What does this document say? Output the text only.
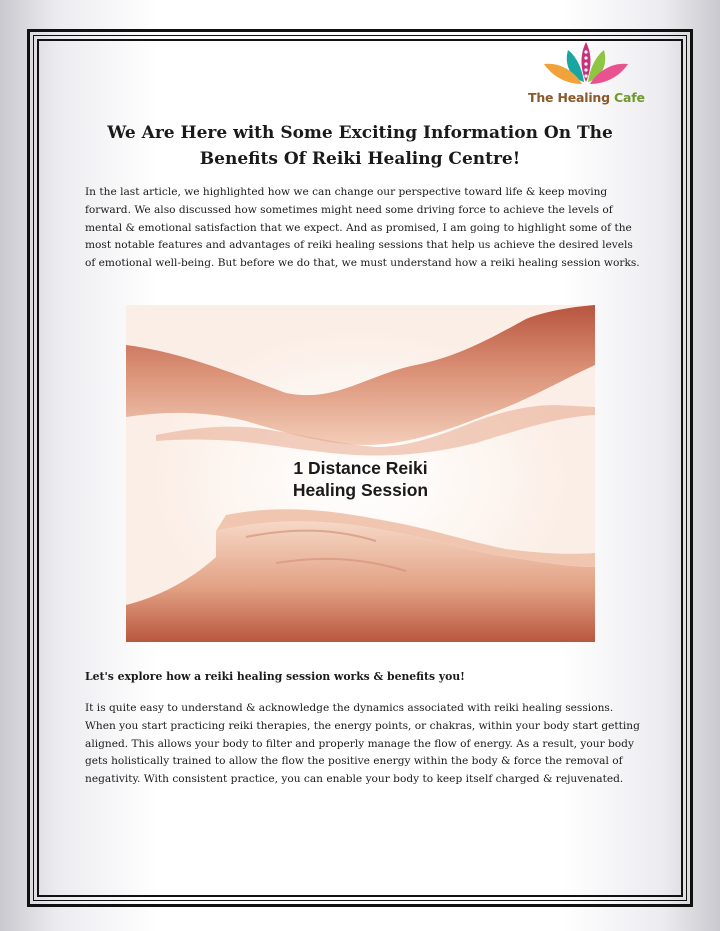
The Healing Cafe
We Are Here with Some Exciting Information On The Benefits Of Reiki Healing Centre!

In the last article, we highlighted how we can change our perspective toward life & keep moving forward. We also discussed how sometimes might need some driving force to achieve the levels of mental & emotional satisfaction that we expect. And as promised, I am going to highlight some of the most notable features and advantages of reiki healing sessions that help us achieve the desired levels of emotional well-being. But before we do that, we must understand how a reiki healing session works.

1 Distance Reiki
Healing Session
Let's explore how a reiki healing session works & benefits you!

It is quite easy to understand & acknowledge the dynamics associated with reiki healing sessions. When you start practicing reiki therapies, the energy points, or chakras, within your body start getting aligned. This allows your body to filter and properly manage the flow of energy. As a result, your body gets holistically trained to allow the flow the positive energy within the body & force the removal of negativity. With consistent practice, you can enable your body to keep itself charged & rejuvenated.
